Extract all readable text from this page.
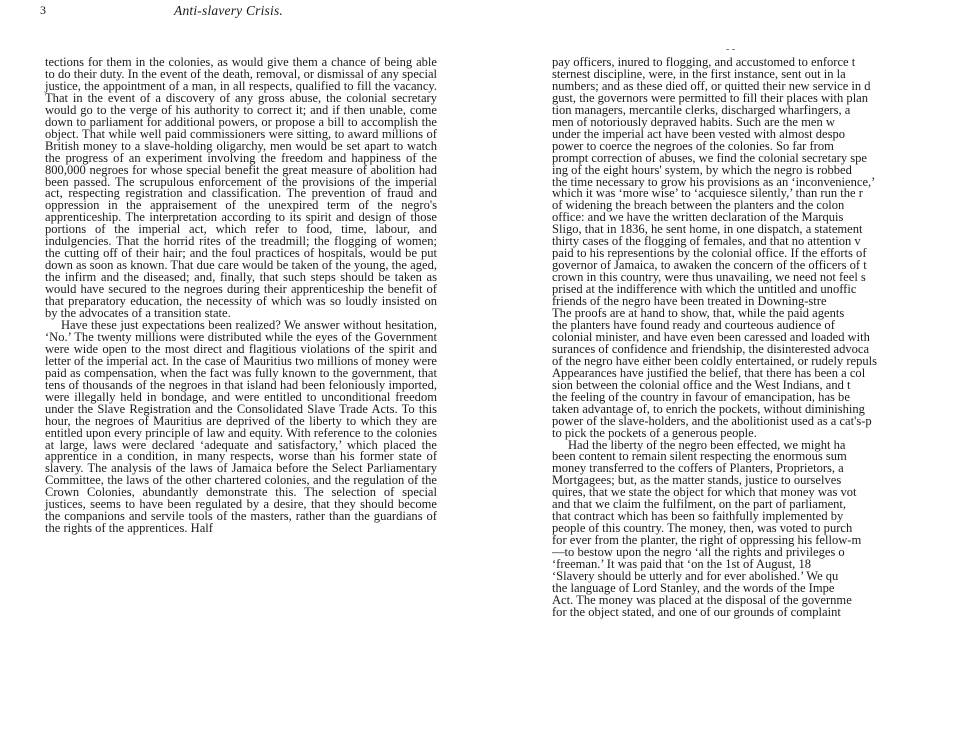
3	Anti-slavery Crisis.

tections for them in the colonies, as would give them a chance of being able to do their duty. In the event of the death, removal, or dismissal of any special justice, the appointment of a man, in all respects, qualified to fill the vacancy. That in the event of a discovery of any gross abuse, the colonial secretary would go to the verge of his authority to correct it; and if then unable, come down to parliament for additional powers, or propose a bill to accomplish the object. That while well paid commissioners were sitting, to award millions of British money to a slave-holding oligarchy, men would be set apart to watch the progress of an experiment involving the freedom and happiness of the 800,000 negroes for whose special benefit the great measure of abolition had been passed. The scrupulous enforcement of the provisions of the imperial act, respecting registration and classification. The prevention of fraud and oppression in the appraisement of the unexpired term of the negro's apprenticeship. The interpretation according to its spirit and design of those portions of the imperial act, which refer to food, time, labour, and indulgencies. That the horrid rites of the treadmill; the flogging of women; the cutting off of their hair; and the foul practices of hospitals, would be put down as soon as known. That due care would be taken of the young, the aged, the infirm and the diseased; and, finally, that such steps should be taken as would have secured to the negroes during their apprenticeship the benefit of that preparatory education, the necessity of which was so loudly insisted on by the advocates of a transition state.

Have these just expectations been realized? We answer without hesitation, ‘No.’ The twenty millions were distributed while the eyes of the Government were wide open to the most direct and flagitious violations of the spirit and letter of the imperial act. In the case of Mauritius two millions of money were paid as compensation, when the fact was fully known to the government, that tens of thousands of the negroes in that island had been feloniously imported, were illegally held in bondage, and were entitled to unconditional freedom under the Slave Registration and the Consolidated Slave Trade Acts. To this hour, the negroes of Mauritius are deprived of the liberty to which they are entitled upon every principle of law and equity. With reference to the colonies at large, laws were declared ‘adequate and satisfactory,’ which placed the apprentice in a condition, in many respects, worse than his former state of slavery. The analysis of the laws of Jamaica before the Select Parliamentary Committee, the laws of the other chartered colonies, and the regulation of the Crown Colonies, abundantly demonstrate this. The selection of special justices, seems to have been regulated by a desire, that they should become the companions and servile tools of the masters, rather than the guardians of the rights of the apprentices. Half

- -

pay officers, inured to flogging, and accustomed to enforce t

sternest discipline, were, in the first instance, sent out in la

numbers; and as these died off, or quitted their new service in d

gust, the governors were permitted to fill their places with plan

tion managers, mercantile clerks, discharged wharfingers, a

men of notoriously depraved habits. Such are the men w

under the imperial act have been vested with almost despo

power to coerce the negroes of the colonies. So far from

prompt correction of abuses, we find the colonial secretary spe

ing of the eight hours' system, by which the negro is robbed

the time necessary to grow his provisions as an ‘inconvenience,’

which it was ‘more wise’ to ‘acquiesce silently,’ than run the r

of widening the breach between the planters and the colon

office: and we have the written declaration of the Marquis

Sligo, that in 1836, he sent home, in one dispatch, a statement

thirty cases of the flogging of females, and that no attention v

paid to his representions by the colonial office. If the efforts of

governor of Jamaica, to awaken the concern of the officers of t

crown in this country, were thus unavailing, we need not feel s

prised at the indifference with which the untitled and unoffic

friends of the negro have been treated in Downing-stre

The proofs are at hand to show, that, while the paid agents

the planters have found ready and courteous audience of

colonial minister, and have even been caressed and loaded with

surances of confidence and friendship, the disinterested advoca

of the negro have either been coldly entertained, or rudely repuls

Appearances have justified the belief, that there has been a col

sion between the colonial office and the West Indians, and t

the feeling of the country in favour of emancipation, has be

taken advantage of, to enrich the pockets, without diminishing

power of the slave-holders, and the abolitionist used as a cat's-p

to pick the pockets of a generous people.

Had the liberty of the negro been effected, we might ha

been content to remain silent respecting the enormous sum

money transferred to the coffers of Planters, Proprietors, a

Mortgagees; but, as the matter stands, justice to ourselves

quires, that we state the object for which that money was vot

and that we claim the fulfilment, on the part of parliament,

that contract which has been so faithfully implemented by

people of this country. The money, then, was voted to purch

for ever from the planter, the right of oppressing his fellow-m

—to bestow upon the negro ‘all the rights and privileges o

‘freeman.’ It was paid that ‘on the 1st of August, 18

‘Slavery should be utterly and for ever abolished.’ We qu

the language of Lord Stanley, and the words of the Impe

Act. The money was placed at the disposal of the governme

for the object stated, and one of our grounds of complaint
